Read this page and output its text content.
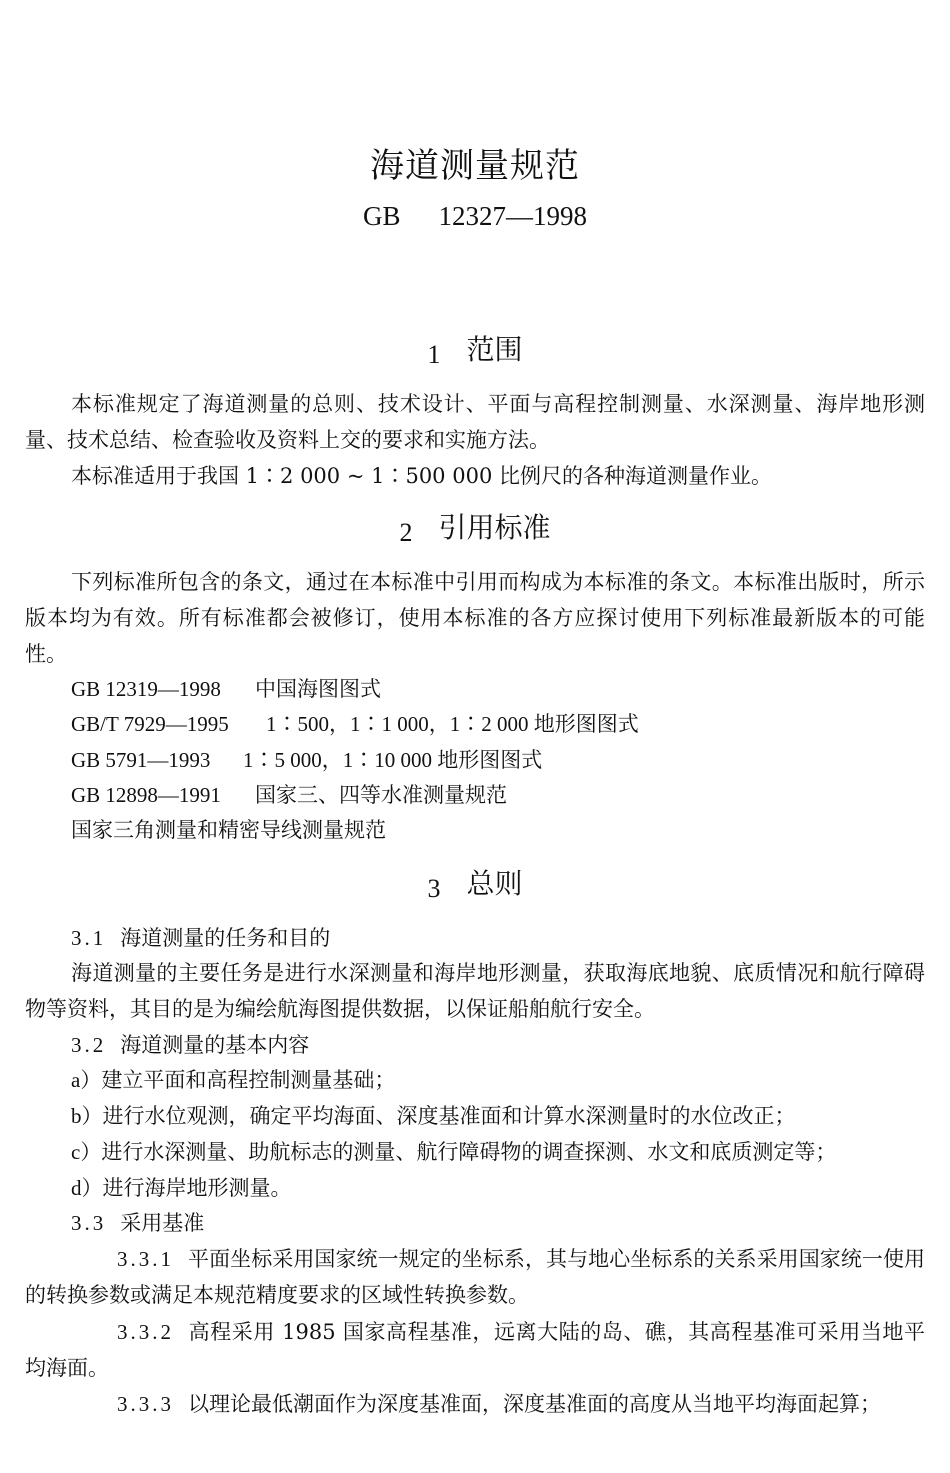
海道测量规范
GB 12327—1998
1 范围

本标准规定了海道测量的总则、技术设计、平面与高程控制测量、水深测量、海岸地形测量、技术总结、检查验收及资料上交的要求和实施方法。

本标准适用于我国 1∶2 000 ~ 1∶500 000 比例尺的各种海道测量作业。

2 引用标准

下列标准所包含的条文，通过在本标准中引用而构成为本标准的条文。本标准出版时，所示版本均为有效。所有标准都会被修订，使用本标准的各方应探讨使用下列标准最新版本的可能性。

GB 12319—1998 中国海图图式
GB/T 7929—1995 1∶500，1∶1 000，1∶2 000 地形图图式
GB 5791—1993 1∶5 000，1∶10 000 地形图图式
GB 12898—1991 国家三、四等水准测量规范
国家三角测量和精密导线测量规范
3 总则
3.1 海道测量的任务和目的

海道测量的主要任务是进行水深测量和海岸地形测量，获取海底地貌、底质情况和航行障碍物等资料，其目的是为编绘航海图提供数据，以保证船舶航行安全。

3.2 海道测量的基本内容
a）建立平面和高程控制测量基础；
b）进行水位观测，确定平均海面、深度基准面和计算水深测量时的水位改正；
c）进行水深测量、助航标志的测量、航行障碍物的调查探测、水文和底质测定等；
d）进行海岸地形测量。
3.3 采用基准

3.3.1 平面坐标采用国家统一规定的坐标系，其与地心坐标系的关系采用国家统一使用的转换参数或满足本规范精度要求的区域性转换参数。

3.3.2 高程采用 1985 国家高程基准，远离大陆的岛、礁，其高程基准可采用当地平均海面。

3.3.3 以理论最低潮面作为深度基准面，深度基准面的高度从当地平均海面起算；
